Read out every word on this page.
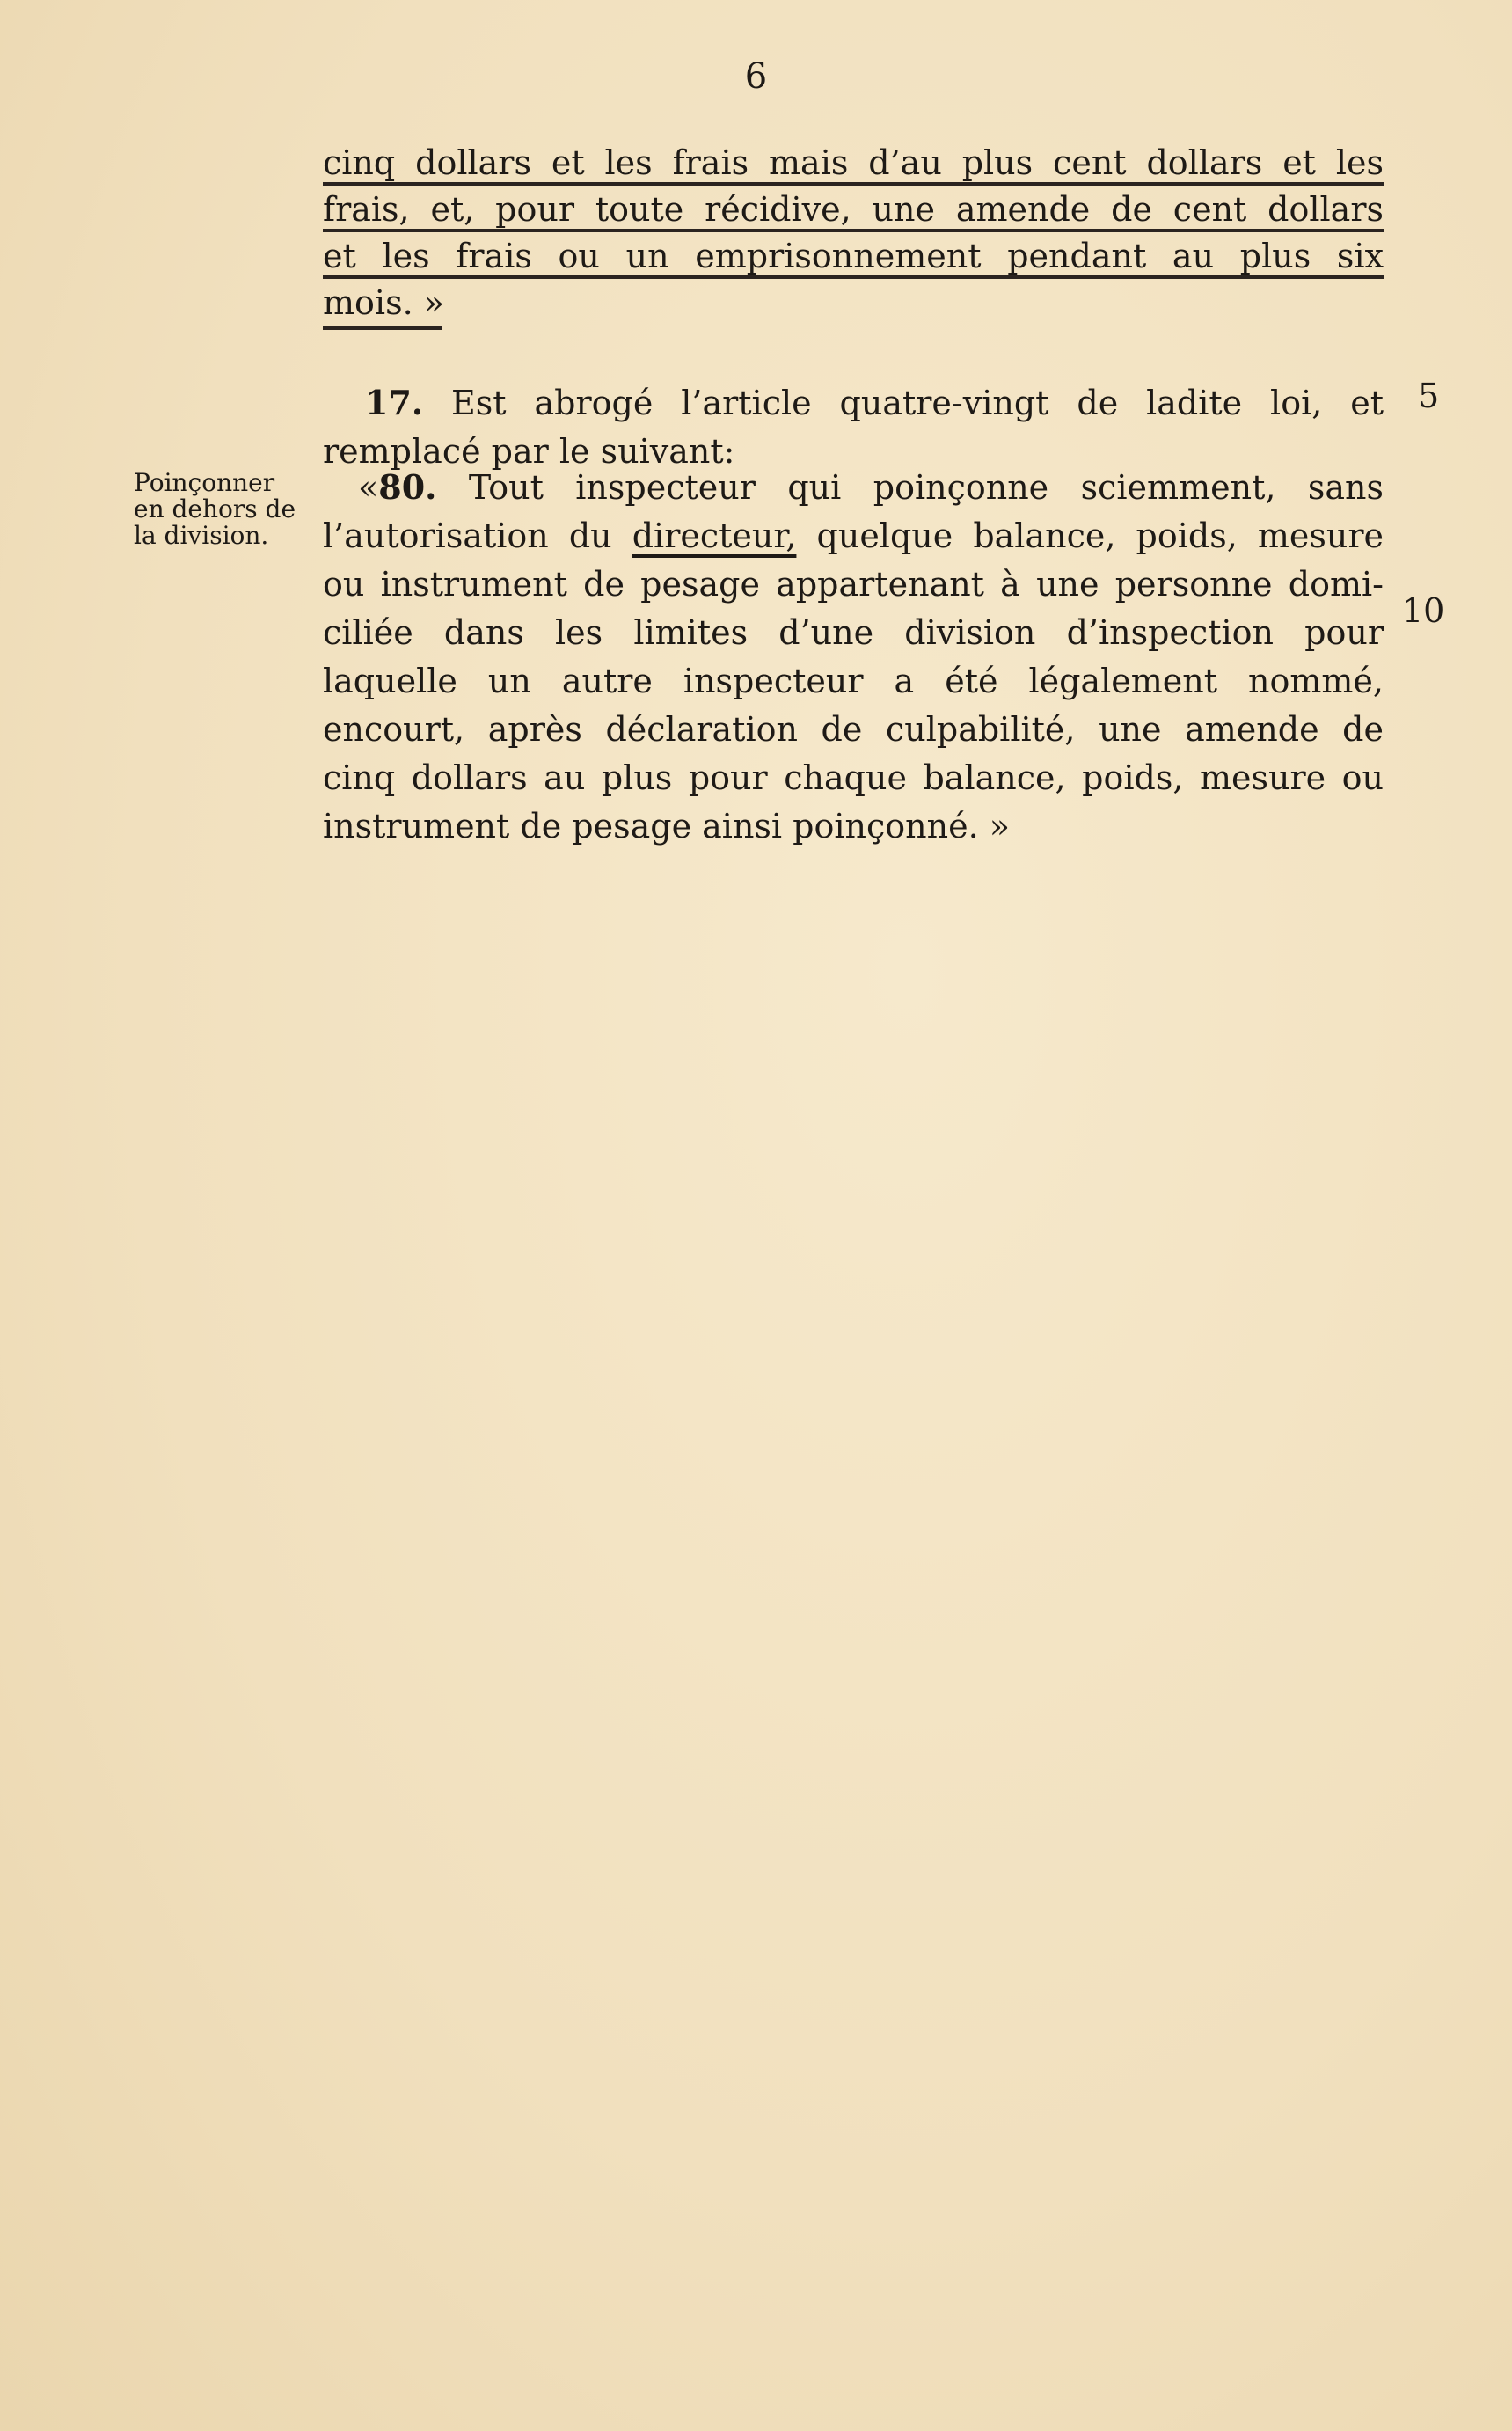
6
cinq dollars et les frais mais d’au plus cent dollars et les
frais, et, pour toute récidive, une amende de cent dollars
et les frais ou un emprisonnement pendant au plus six
mois. »
17. Est abrogé l’article quatre-vingt de ladite loi, et
remplacé par le suivant:
«80. Tout inspecteur qui poinçonne sciemment, sans
l’autorisation du directeur, quelque balance, poids, mesure
ou instrument de pesage appartenant à une personne domi-
ciliée dans les limites d’une division d’inspection pour
laquelle un autre inspecteur a été légalement nommé,
encourt, après déclaration de culpabilité, une amende de
cinq dollars au plus pour chaque balance, poids, mesure ou
instrument de pesage ainsi poinçonné. »
Poinçonner
en dehors de
la division.
5
10
